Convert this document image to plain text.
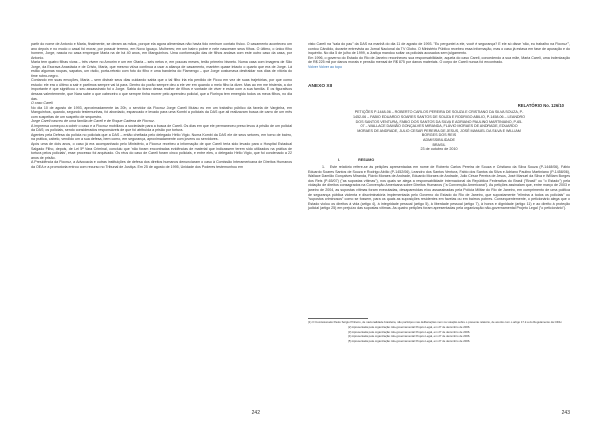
partir do nome de Antonio e Maria, finalmente, se deram as mãos, porque ela agora alimentava não havia tido nenhum contato físico. O casamento aconteceu um ano depois e no modo o casal foi morar, por possuir terreno, em Novo Iguaçu. Mulheres; em um bairro pobre e nele nasceram seus filhos. O último, o único filho homem, Jorge, nascia no casa empregue Maria na de há 40 anos, em Manguinhos. Uma conformação das de filhos andava com este outro caso da casa, por Antonio.

Maria tem quatro filhas vivas – três vivem no Amorim e um em Otaria – seis netos e, em poucas meses, terão primeiro bisneto. Numa casa com imagens de São Jorge, da Escrava Anastácia e de Cristo, Maria, que mesmo viúva continua a usar a aliança de casamento, mantém quase intacto o quarto que era de Jorge. Lá estão algumas roupas, sapatos, um rádio, porta-retrato com foto do filho e uma bandeira do Flamengo – que Jorge costumava desfraldar nos dias de vitória do time rubro-negro.

Contando em suas emoções, Maria – sem distrair seus dias cuidando sabia que o tal filho iria ela perdido de Ficou em vez de suas trajetórias, por que como estudo: ele era o último a sair e partimos sempre vai lá para. Dentro do porão sempre deu a ele ver em quando o meio filho ia dizer. Mas ao em me trisienta, a dor importante é que significou o seu assassinato foi o Jorge. Sabia do tirano dessa mulher de filhos e vontade de viver e estar com a sua família. E os figurativos dessas valentemente, que Nara sabe o que cabeceiro o que sempre tinha morrer pelo aprendeu policial, que a Florinya tem emergido todos os meus filhos, no dia das.

O caso Careli

No dia 10 de agosto de 1993, aproximadamente às 20h, o servidor da Fiocruz Jorge Careli Mutau eu em um trabalho público da favela de Varginha, em Manguinhos, quando, segundo testemunhas, foi abordado, espancado e levado para uma Kombi a policiais da DAS que ali realizavam busca de carro de um mês com suspeitas de um suspeito de sequestro.

Jorge Careli nasceu de uma família de Careli e de Roque Cadena de Fiocruz.

A imprensa começou a cobrir o caso e a Fiocruz mobilizou a sociedade para a busca de Careli. Os dias em que ele permaneceu preso levou à prisão de um policial da DAS; os policiais, sendo considerados responsáveis de que foi atribuída a prisão por tortura.

Agentes pela Defesa da polícia no policiais que a DAS – então chefiada pelo delegado Hélio Vigio. Numa Kombi da DAS ele de seus setores, em torno de bairro, na prática, cabelo, vendido um a sua defesa, bem como, em segurança, aproximadamente com jovens ou servidores.

Após uma de dois anos, o caso já era acompanhado pelo Ministério, a Fiocruz recebeu a informação de que Careli teria sido levado para o Hospital Estadual Salgado Filho, depois, de Lei 5ª Vara Criminal, concluiu que 'não foram encontradas evidências de material que indicassem terem sido utilizados na prática de tortura pelos policiais', esse processo foi arquivado. Os réus do caso de Careli foram cinco policiais, e entre eles, o delegado Hélio Vigio, que foi condenado a 22 anos de prisão.

A Presidência da Fiocruz, a Advocacia e outras instituições de defesa dos direitos humanos denunciaram o caso à Comissão Interamericana de Direitos Humanos da OEA e a promotoria entrou com recurso no Tribunal de Justiça. Em 25 de agosto de 1995, Unidade dos Poderes testemunhou em

242

visto Careli na "sala do pau" da DAS na manhã do dia 11 de agosto de 1993. "Eu perguntei a ele, você é segurança? E ele só disse 'não, eu trabalho na Fiocruz'", contou Cândido, durante entrevista ao Jornal Nacional da TV Globo. O Ministério Público recebeu essa informação, mas o caso já estava em fase de apuração e do inquérito. No dia 5 de julho de 1999, a Justiça mandou soltar os policiais acusados sem julgamento.

Em 1996, o governo do Estado do Rio de Janeiro reconheceu sua responsabilidade, aquela do caso Careli, concedendo a sua mãe, Maria Careli, uma indenização de R$ 225 mil por danos morais e pensão mensal de R$ 875 por danos materiais. O corpo de Careli nunca foi encontrado.

Volver Volver ao topo

ANEXO XII
RELATÓRIO No. 126/10
PETIÇÕES P-1448-06 – ROBERTO CARLOS PEREIRA DE SOUZA E CRISTIANO DA SILVA SOUZA, P-
1452-06 – FABIO EDUARDO SOARES SANTOS DE SOUZA E RODRIGO ABILIO, P-1458-06 – LEANDRO
DOS SANTOS VENTURA, FABIO DOS SANTOS DA SILVA E ADRIANO PAULINO MARTINIANO, P-65-
07 – WALLACE DAMIÃO GONÇALVES MIRANDA, FLÁVIO MORAES DE ANDRADE, EDUARDO
MORAES DE ANDRADE, JULIO CESAR PEREIRA DE JESUS, JOSÉ MANUEL DA SILVA E WILLIAM
BORGES DOS REIS
ADMISSIBILIDADE
BRASIL
23 de outubro de 2010
I.	RESUMO

1. Este relatório refere-se às petições apresentadas em nome de Roberto Carlos Pereira de Souza e Cristiano da Silva Souza (P-1448/06), Fábio Eduardo Soares Santos de Souza e Rodrigo Abílio (P-1452/06), Leandro dos Santos Ventura, Fabio dos Santos da Silva e Adriano Paulino Martiniano (P-1458/06), Wallace Damião Gonçalves Miranda, Flávio Moraes de Andrade, Eduardo Moraes de Andrade, Julio César Pereira de Jesus, José Manuel da Silva e William Borges dos Reis (P-65/07) ("as supostas vítimas"), nos quais se alega a responsabilidade internacional da República Federativa do Brasil ("Brasil" ou "o Estado") pela violação de direitos consagrados na Convenção Americana sobre Direitos Humanos ("a Convenção Americana"). As petições assinalam que, entre março de 2003 e janeiro de 2004, as supostas vítimas foram executadas, desaparecidas e/ou assassinadas pela Polícia Militar do Rio de Janeiro, em cumprimento de uma política de segurança pública violenta e discriminatória implementada pelo Governo do Estado do Rio de Janeiro, que supostamente "elimina a todos os policiais" ou "supostos criminosos" como se fossem, para os quais as suposições residentes em favelas ou em bairros pobres. Consequentemente, o peticionário alega que o Estado violou os direitos à vida (artigo 4), à integridade pessoal (artigo 5), à liberdade pessoal (artigo 7), à honra e dignidade (artigo 11) e ao direito à proteção judicial (artigo 25) em prejuízo das supostas vítimas. As quatro petições foram apresentadas pela organização não-governamental Projeto Legal ("o peticionário").

(1) O Comissionado Paulo Sérgio Pinheiro, de nacionalidade brasileira, não participou nas deliberações nem na votação sobre o presente relatório, de acordo com o artigo 17.2.a do Regulamento da CIDH.

(2) Apresentada pela organização não-governamental Projeto Legal, em 27 de dezembro de 2006.

(3) Apresentada pela organização não-governamental Projeto Legal, em 27 de dezembro de 2006.

(4) Apresentada pela organização não-governamental Projeto Legal, em 27 de dezembro de 2006.

(5) Apresentada pela organização não-governamental Projeto Legal, em 27 de dezembro de 2006.

243
